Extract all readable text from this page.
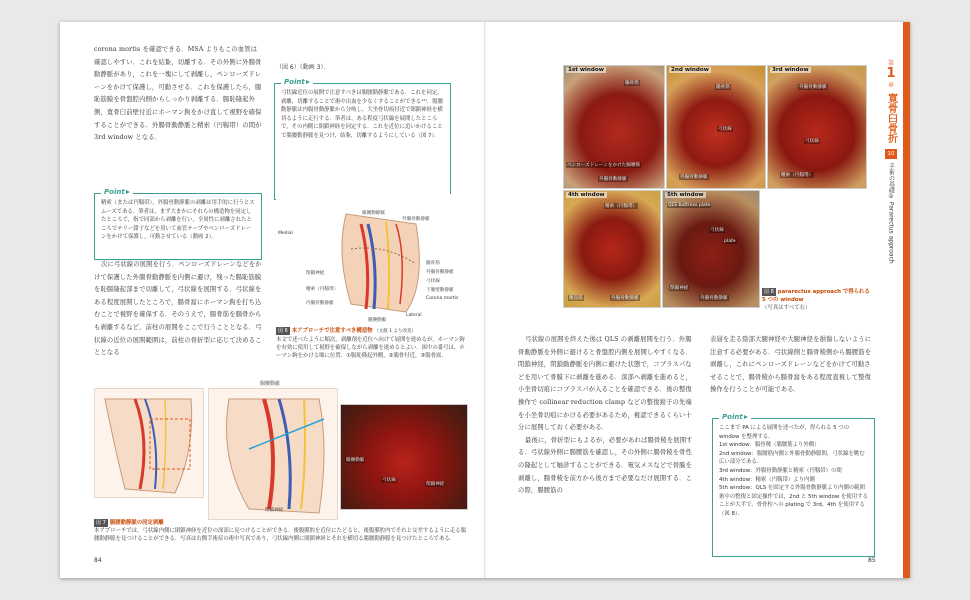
corona mortis を確認できる．MSA よりもこの血管は確認しやすい．これを結紮，切離する．その外側に外腸骨動静脈があり，これを一塊にして剥離し，ペンローズドレーンをかけて保護し，可動させる．これを保護したら，腸恥筋膜を骨盤腔内側からしっかり剥離する．腸恥隆起外側，寛骨臼前壁付近にホーマン鉤をかけ直して視野を確保することができる．外腸骨動静脈と精索（円靱帯）の間が 3rd window となる．

Point
精索（または円靱帯），外腸骨動静脈の剥離は用手的に行うとスムーズである．筆者は，まず大まかにそれらの構造物を同定したところで，指で同部から剥離を行い，全周性に剥離されたところでテリー鉗子などを用いて血管テープやペンローズドレーンをかけて保護し，可動させている（動画 2）．

次に弓状線の展開を行う．ペンローズドレーンなどをかけて保護した外腸骨動静脈を内側に避け，残った腸恥筋膜を恥腸隆起部まで切離して，弓状線を展開する．弓状線をある程度展開したところで，腸骨窩にホーマン鉤を打ち込むことで視野を確保する．そのうえで，腸骨筋を腸骨からも剥離するなど，前柱の展開をここで行うこととなる．弓状線の近位の展開範囲は，前柱の骨折型に応じて決めることとなる

（図 6）（動画 3）．
Point
弓状線近位の展開で注意すべきは腸腰動静脈である．これを同定，剥離，切離することで術中出血を少なくすることができる¹²⁾．腸腰動静脈は内腸骨動静脈から分岐し，大坐骨切痕付近で閉鎖神経を横切るように走行する．筆者は，ある程度弓状線を展開したところで，その内側に閉鎖神経を同定する．これを近位に追いかけることで腸腰動静脈を見つけ，結紮，切離するようにしている（図 7）．
Medial
Lateral
腸腰動静脈
外腸骨動静脈
腸骨筋
外腸骨動静脈
弓状線
下腹壁動静脈
Corona mortis
閉鎖神経
精索（円靱帯）
内腸骨動静脈
腸腰動脈
図 6 本アプローチで注意すべき構造物 （文献 1 より改変）
本文で述べたように順次，剥離剤を近位へ向けて展開を進めるが，ホーマン鉤を有効に使用して視野を確保しながら剥離を進めるとよい．図中の番号は，ホーマン鉤をかける順に位置．①腸恥隆起外側，②腸骨付近，③腸骨窩．
腸腰動脈
閉鎖神経
腸腰動脈
弓状線
閉鎖神経
図 7 腸腰動静脈の同定剥離
本アプローチでは，弓状線内側に閉鎖神経を近位の深部に見つけることができる．後腹膜腔を近位にたどると，後腹膜腔内でそれと交差するように走る腸腰動静脈を見つけることができる．写真は右側手術症の術中写真であり，弓状線内側に閉鎖神経とそれを横切る腸腰動静脈を見つけたところである．
84
1st window
腸骨筋
ペンローズドレーンをかけた腸腰筋
外腸骨動静脈
2nd window
腸骨筋
弓状線
外腸骨動静脈
3rd window
外腸骨動静脈
弓状線
精索（円靱帯）
4th window
精索（円靱帯）
腹直筋	外腸骨動静脈
5th window
QLS buttress plate
弓状線
plate
閉鎖神経
外腸骨動静脈
図 8 pararectus approach で得られる 5 つの window
（写真はすべて右）

弓状線の展開を終えた後は QLS の剥離展開を行う．外腸骨動静脈を外側に避けると骨盤腔内側を展開しやすくなる．閉鎖神経，閉鎖動静脈を内側に避けた状態で，コブラスパなどを用いて骨膜下に剥離を進める．深部へ剥離を進めると，小坐骨切痕にコブラスパが入ることを確認できる．後の整復操作で collinear reduction clamp などの整復鉗子の先端を小坐骨切痕にかける必要があるため，視認できるくらい十分に展開しておく必要がある．

最後に，骨折型にもよるが，必要があれば腸骨稜を展開する．弓状線外側に腸腰筋を確認し，その外側に腸骨稜を骨性の隆起として触診することができる．電気メスなどで骨膜を剥離し，腸骨稜を前方から後方まで必要なだけ展開する．この際，腸腰筋の

表層を走る陰部大腿神経や大腿神経を損傷しないように注意する必要がある．弓状線側と腸骨稜側から腸腰筋を剥離し，これにペンローズドレーンなどをかけて可動させることで，腸骨稜から腸骨窩をある程度直視して整復操作を行うことが可能である．

Point
ここまで PA による展開を述べたが，得られる 5 つの window を整理する．
1st window：腸骨稜（腸腰筋より外側）
2nd window：腸腰筋内側と外腸骨動静脈間，弓状線を眺む広い部分である．
3rd window：外腸骨動静脈と精索（円靱帯）の間
4th window：精索（円靱帯）より内側
5th window：QLS を固定する外腸骨動静脈より内側の範囲
術中の整復と固定操作では，2nd と 5th window を使用することが大半で，骨骨柱への plating で 3rd，4th を使用する（図 8）．
85
第
1
章
寛骨臼骨折
10
手術の基礎② Pararectus approach
